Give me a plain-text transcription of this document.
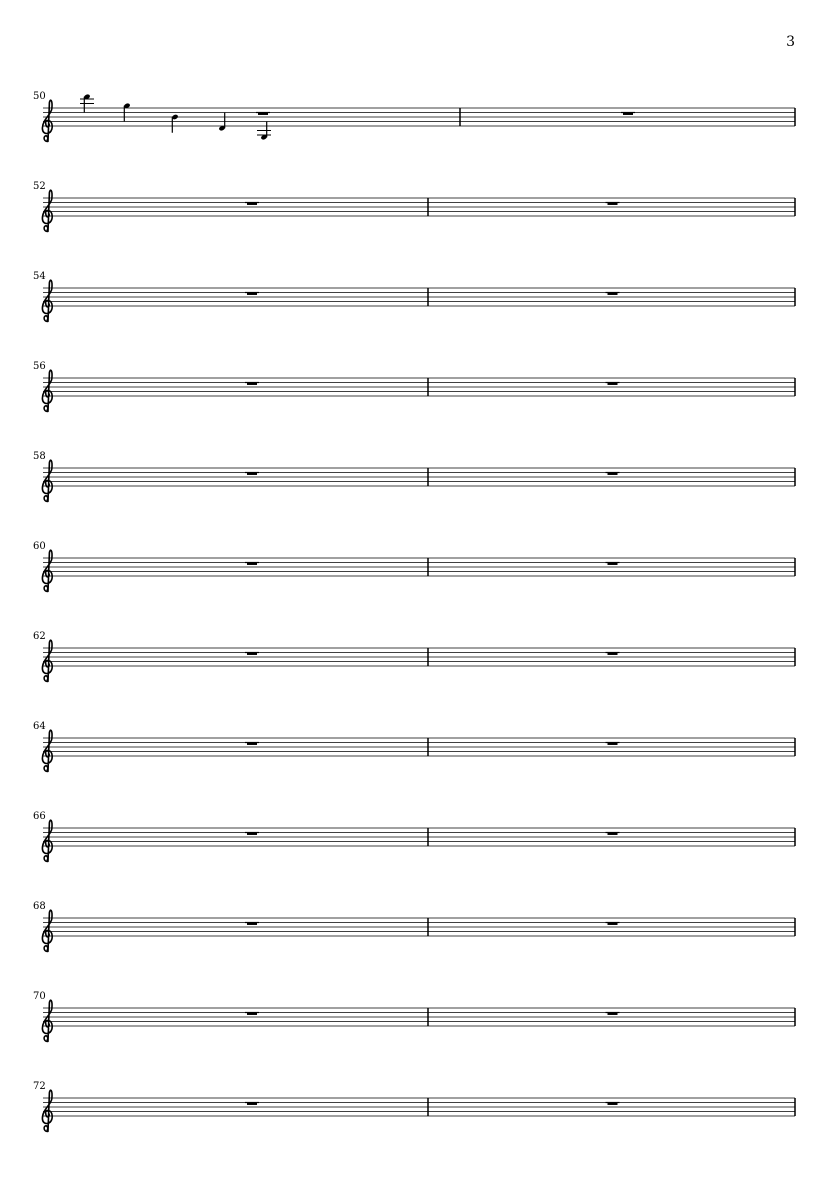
3
50
52
54
56
58
60
62
64
66
68
70
72
